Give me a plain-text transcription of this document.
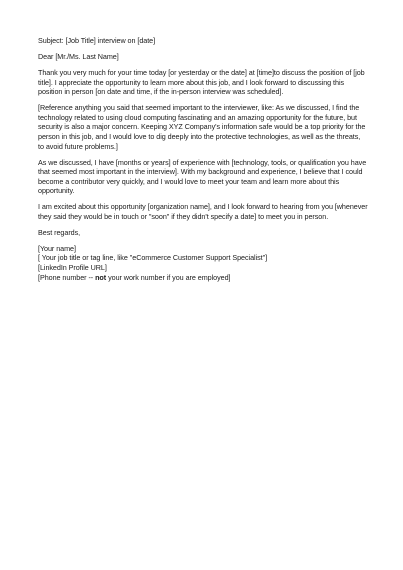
Subject: [Job Title] interview on [date]

Dear [Mr./Ms. Last Name]

Thank you very much for your time today [or yesterday or the date] at [time]to discuss the position of [job title]. I appreciate the opportunity to learn more about this job, and I look forward to discussing this position in person [on date and time, if the in-person interview was scheduled].

[Reference anything you said that seemed important to the interviewer, like: As we discussed, I find the technology related to using cloud computing fascinating and an amazing opportunity for the future, but security is also a major concern. Keeping XYZ Company's information safe would be a top priority for the person in this job, and I would love to dig deeply into the protective technologies, as well as the threats, to avoid future problems.]

As we discussed, I have [months or years] of experience with [technology, tools, or qualification you have that seemed most important in the interview]. With my background and experience, I believe that I could become a contributor very quickly, and I would love to meet your team and learn more about this opportunity.

I am excited about this opportunity [organization name], and I look forward to hearing from you [whenever they said they would be in touch or "soon" if they didn't specify a date] to meet you in person.

Best regards,

[Your name]
[ Your job title or tag line, like "eCommerce Customer Support Specialist"]
[LinkedIn Profile URL]
[Phone number -- not your work number if you are employed]
